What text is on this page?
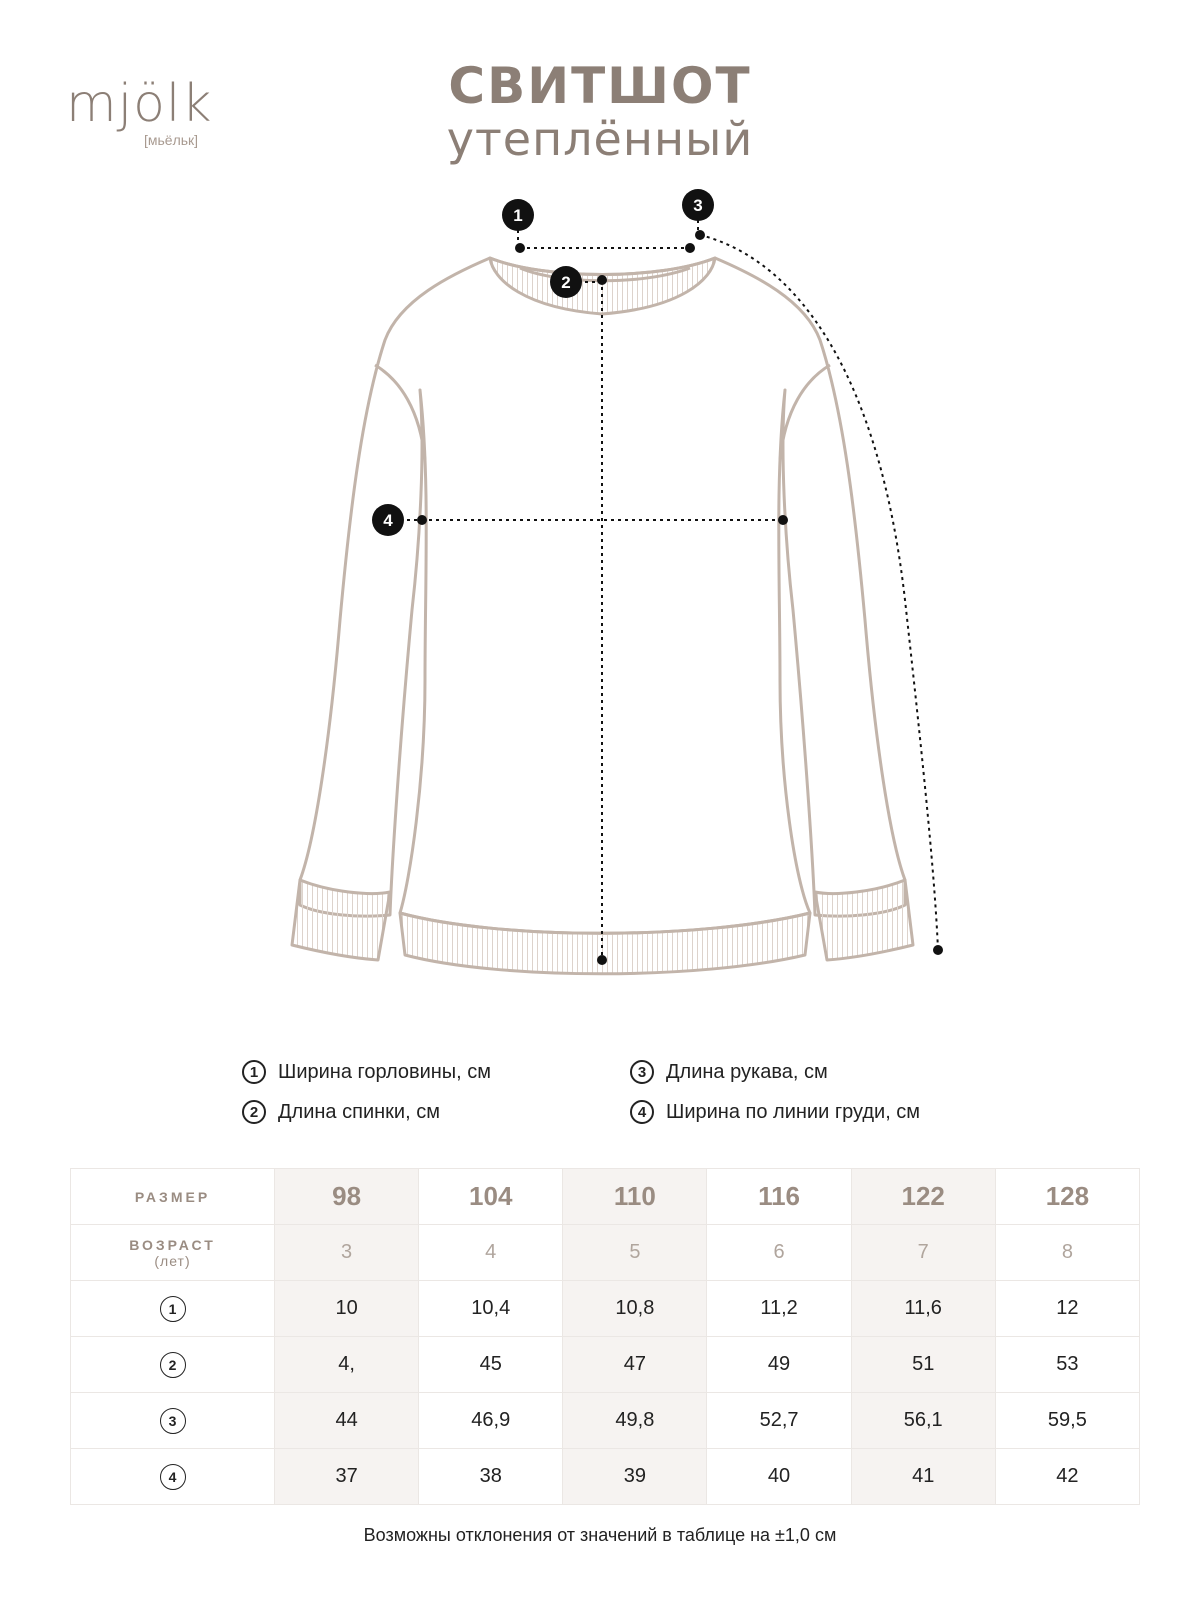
mjölk
[мьёльк]
СВИТШОТ
утеплённый
1
2
3
4
1 Ширина горловины, см
2 Длина спинки, см
3 Длина рукава, см
4 Ширина по линии груди, см
РАЗМЕР	98	104	110	116	122	128
ВОЗРАСТ
(лет)	3	4	5	6	7	8
1	10	10,4	10,8	11,2	11,6	12
2	4,	45	47	49	51	53
3	44	46,9	49,8	52,7	56,1	59,5
4	37	38	39	40	41	42
Возможны отклонения от значений в таблице на ±1,0 см
